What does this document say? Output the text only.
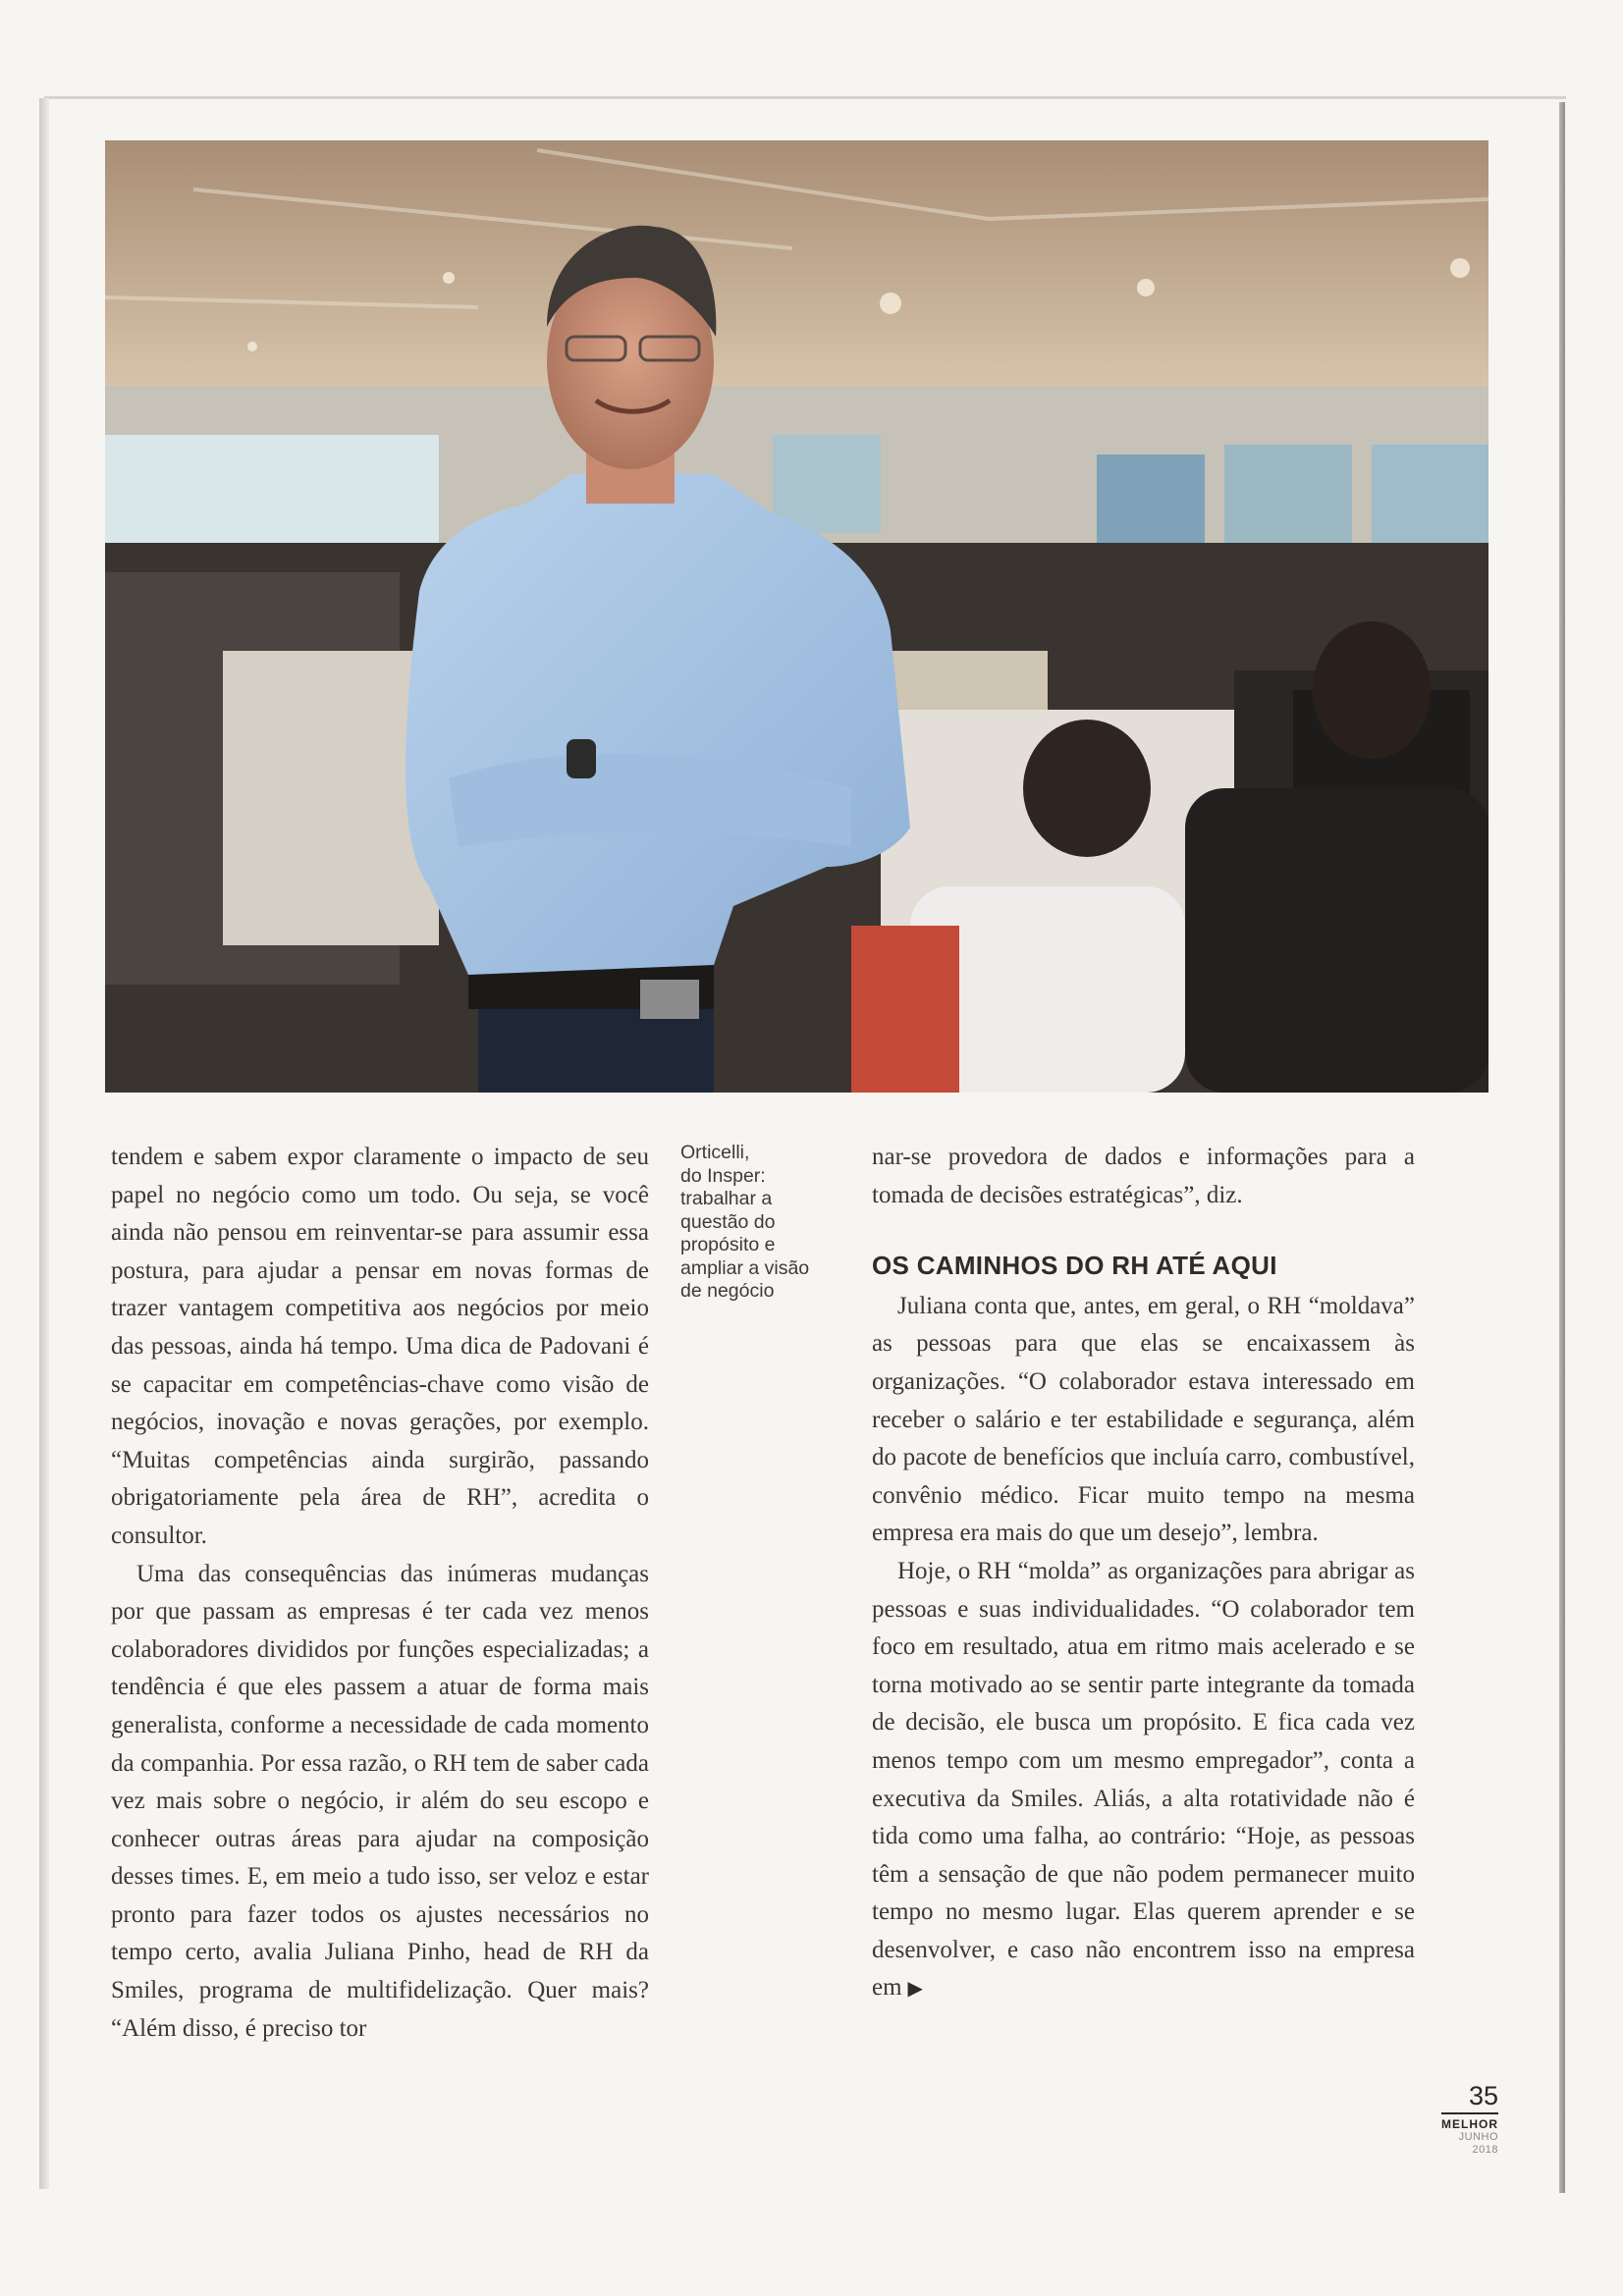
tendem e sabem expor claramente o impacto de seu papel no negócio como um todo. Ou seja, se você ainda não pensou em reinventar-se para assumir essa postura, para ajudar a pensar em novas formas de trazer vantagem competitiva aos negócios por meio das pessoas, ainda há tempo. Uma dica de Padovani é se capacitar em competências-chave como visão de negócios, inovação e novas gerações, por exemplo. “Muitas competências ainda surgirão, passando obrigatoriamente pela área de RH”, acredita o consultor.

Uma das consequências das inúmeras mudanças por que passam as empresas é ter cada vez menos colaboradores divididos por funções especializadas; a tendência é que eles passem a atuar de forma mais generalista, conforme a necessidade de cada momento da companhia. Por essa razão, o RH tem de saber cada vez mais sobre o negócio, ir além do seu escopo e conhecer outras áreas para ajudar na composição desses times. E, em meio a tudo isso, ser veloz e estar pronto para fazer todos os ajustes necessários no tempo certo, avalia Juliana Pinho, head de RH da Smiles, programa de multifidelização. Quer mais? “Além disso, é preciso tor

Orticelli,
do Insper:
trabalhar a
questão do
propósito e
ampliar a visão
de negócio

nar-se provedora de dados e informações para a tomada de decisões estratégicas”, diz.

OS CAMINHOS DO RH ATÉ AQUI

Juliana conta que, antes, em geral, o RH “moldava” as pessoas para que elas se encaixassem às organizações. “O colaborador estava interessado em receber o salário e ter estabilidade e segurança, além do pacote de benefícios que incluía carro, combustível, convênio médico. Ficar muito tempo na mesma empresa era mais do que um desejo”, lembra.

Hoje, o RH “molda” as organizações para abrigar as pessoas e suas individualidades. “O colaborador tem foco em resultado, atua em ritmo mais acelerado e se torna motivado ao se sentir parte integrante da tomada de decisão, ele busca um propósito. E fica cada vez menos tempo com um mesmo empregador”, conta a executiva da Smiles. Aliás, a alta rotatividade não é tida como uma falha, ao contrário: “Hoje, as pessoas têm a sensação de que não podem permanecer muito tempo no mesmo lugar. Elas querem aprender e se desenvolver, e caso não encontrem isso na empresa em ▶

35
MELHOR
JUNHO
2018
